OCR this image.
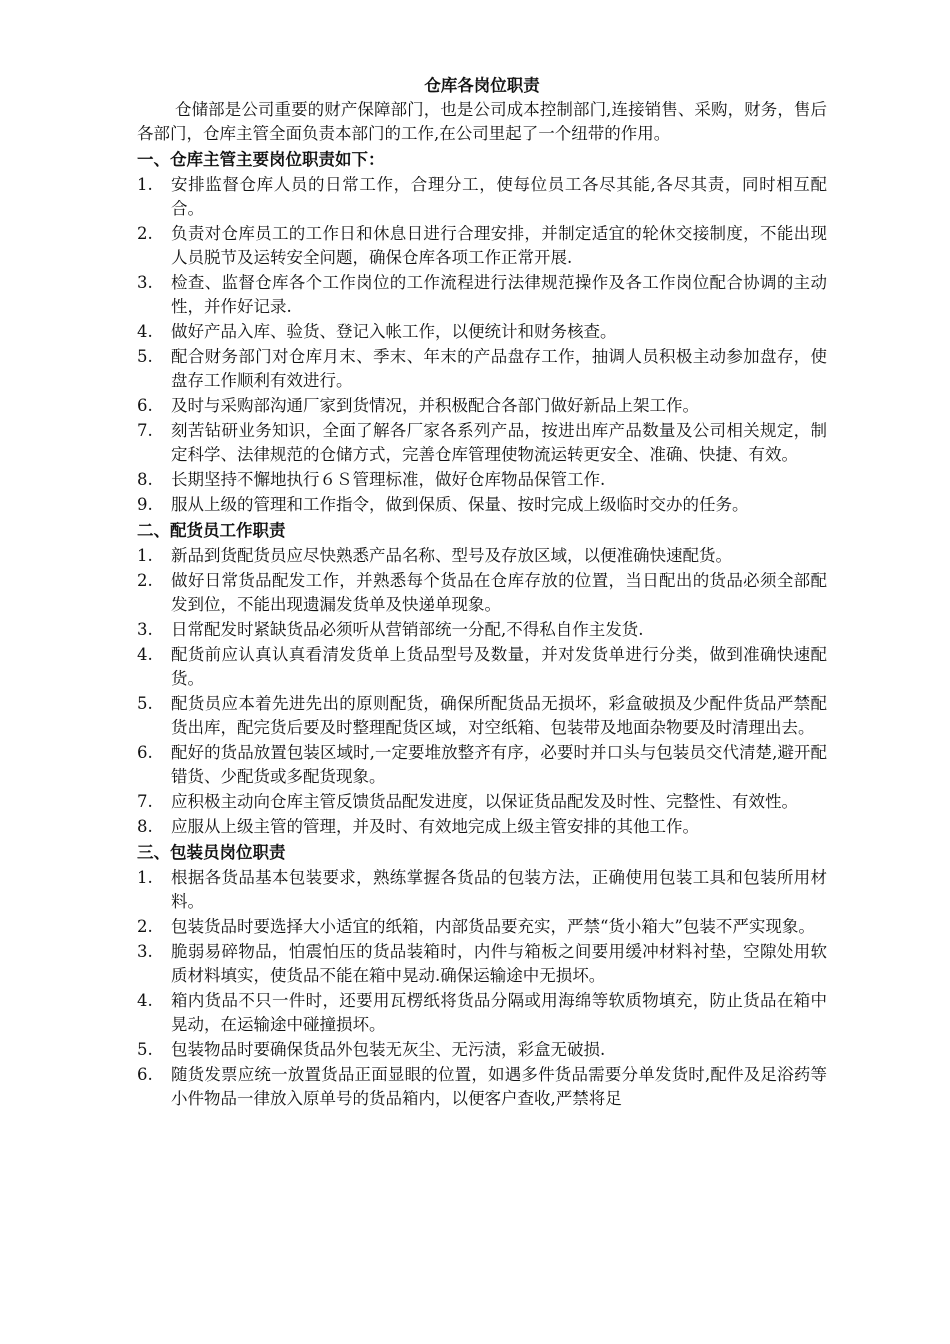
仓库各岗位职责

仓储部是公司重要的财产保障部门，也是公司成本控制部门,连接销售、采购，财务，售后各部门，仓库主管全面负责本部门的工作,在公司里起了一个纽带的作用。

一、仓库主管主要岗位职责如下：
1.	安排监督仓库人员的日常工作，合理分工，使每位员工各尽其能,各尽其责，同时相互配合。
2.	负责对仓库员工的工作日和休息日进行合理安排，并制定适宜的轮休交接制度，不能出现人员脱节及运转安全问题，确保仓库各项工作正常开展.
3.	检查、监督仓库各个工作岗位的工作流程进行法律规范操作及各工作岗位配合协调的主动性，并作好记录.
4.	做好产品入库、验货、登记入帐工作，以便统计和财务核查。
5.	配合财务部门对仓库月末、季末、年末的产品盘存工作，抽调人员积极主动参加盘存，使盘存工作顺利有效进行。
6.	及时与采购部沟通厂家到货情况，并积极配合各部门做好新品上架工作。
7.	刻苦钻研业务知识，全面了解各厂家各系列产品，按进出库产品数量及公司相关规定，制定科学、法律规范的仓储方式，完善仓库管理使物流运转更安全、准确、快捷、有效。
8.	长期坚持不懈地执行６Ｓ管理标准，做好仓库物品保管工作.
9.	服从上级的管理和工作指令，做到保质、保量、按时完成上级临时交办的任务。
二、配货员工作职责
1.	新品到货配货员应尽快熟悉产品名称、型号及存放区域，以便准确快速配货。
2.	做好日常货品配发工作，并熟悉每个货品在仓库存放的位置，当日配出的货品必须全部配发到位，不能出现遗漏发货单及快递单现象。
3.	日常配发时紧缺货品必须听从营销部统一分配,不得私自作主发货.
4.	配货前应认真认真看清发货单上货品型号及数量，并对发货单进行分类，做到准确快速配货。
5.	配货员应本着先进先出的原则配货，确保所配货品无损坏，彩盒破损及少配件货品严禁配货出库，配完货后要及时整理配货区域，对空纸箱、包装带及地面杂物要及时清理出去。
6.	配好的货品放置包装区域时,一定要堆放整齐有序，必要时并口头与包装员交代清楚,避开配错货、少配货或多配货现象。
7.	应积极主动向仓库主管反馈货品配发进度，以保证货品配发及时性、完整性、有效性。
8.	应服从上级主管的管理，并及时、有效地完成上级主管安排的其他工作。
三、包装员岗位职责
1.	根据各货品基本包装要求，熟练掌握各货品的包装方法，正确使用包装工具和包装所用材料。
2.	包装货品时要选择大小适宜的纸箱，内部货品要充实，严禁“货小箱大”包装不严实现象。
3.	脆弱易碎物品，怕震怕压的货品装箱时，内件与箱板之间要用缓冲材料衬垫，空隙处用软质材料填实，使货品不能在箱中晃动.确保运输途中无损坏。
4.	箱内货品不只一件时，还要用瓦楞纸将货品分隔或用海绵等软质物填充，防止货品在箱中晃动，在运输途中碰撞损坏。
5.	包装物品时要确保货品外包装无灰尘、无污渍，彩盒无破损.
6.	随货发票应统一放置货品正面显眼的位置，如遇多件货品需要分单发货时,配件及足浴药等小件物品一律放入原单号的货品箱内，以便客户查收,严禁将足
